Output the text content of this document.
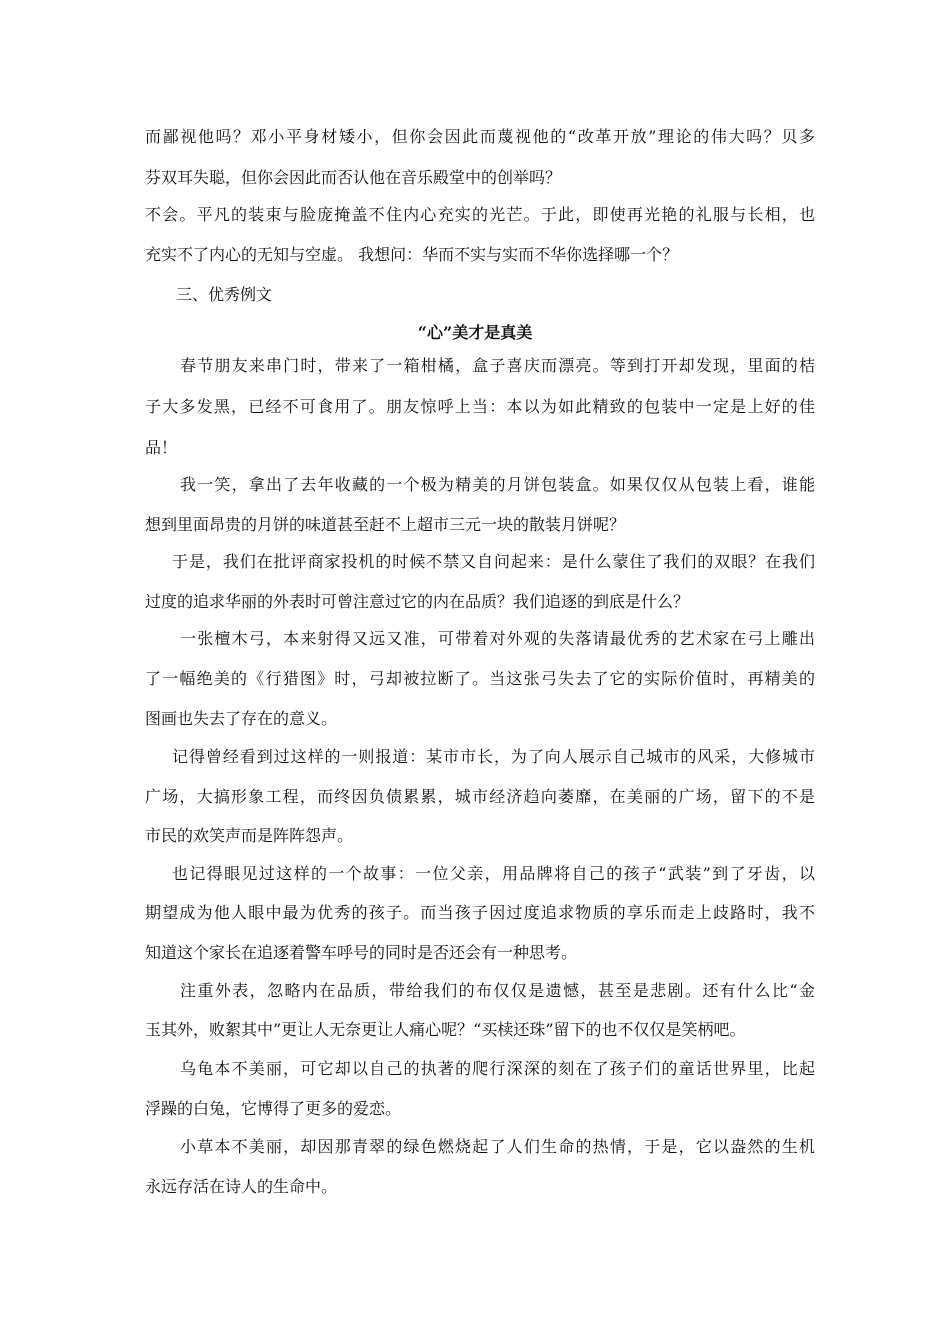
而鄙视他吗？邓小平身材矮小，但你会因此而蔑视他的“改革开放”理论的伟大吗？贝多
芬双耳失聪，但你会因此而否认他在音乐殿堂中的创举吗？
不会。平凡的装束与脸庞掩盖不住内心充实的光芒。于此，即使再光艳的礼服与长相，也
充实不了内心的无知与空虚。 我想问：华而不实与实而不华你选择哪一个？
三、优秀例文
“心”美才是真美
春节朋友来串门时，带来了一箱柑橘，盒子喜庆而漂亮。等到打开却发现，里面的桔
子大多发黑，已经不可食用了。朋友惊呼上当：本以为如此精致的包装中一定是上好的佳
品！
我一笑，拿出了去年收藏的一个极为精美的月饼包装盒。如果仅仅从包装上看，谁能
想到里面昂贵的月饼的味道甚至赶不上超市三元一块的散装月饼呢？
于是，我们在批评商家投机的时候不禁又自问起来：是什么蒙住了我们的双眼？在我们
过度的追求华丽的外表时可曾注意过它的内在品质？我们追逐的到底是什么？
一张檀木弓，本来射得又远又准，可带着对外观的失落请最优秀的艺术家在弓上雕出
了一幅绝美的《行猎图》时，弓却被拉断了。当这张弓失去了它的实际价值时，再精美的
图画也失去了存在的意义。
记得曾经看到过这样的一则报道：某市市长，为了向人展示自己城市的风采，大修城市
广场，大搞形象工程，而终因负债累累，城市经济趋向萎靡，在美丽的广场，留下的不是
市民的欢笑声而是阵阵怨声。
也记得眼见过这样的一个故事：一位父亲，用品牌将自己的孩子“武装”到了牙齿，以
期望成为他人眼中最为优秀的孩子。而当孩子因过度追求物质的享乐而走上歧路时，我不
知道这个家长在追逐着警车呼号的同时是否还会有一种思考。
注重外表，忽略内在品质，带给我们的布仅仅是遗憾，甚至是悲剧。还有什么比“金
玉其外，败絮其中”更让人无奈更让人痛心呢？“买椟还珠”留下的也不仅仅是笑柄吧。
乌龟本不美丽，可它却以自己的执著的爬行深深的刻在了孩子们的童话世界里，比起
浮躁的白兔，它博得了更多的爱恋。
小草本不美丽，却因那青翠的绿色燃烧起了人们生命的热情，于是，它以盎然的生机
永远存活在诗人的生命中。
